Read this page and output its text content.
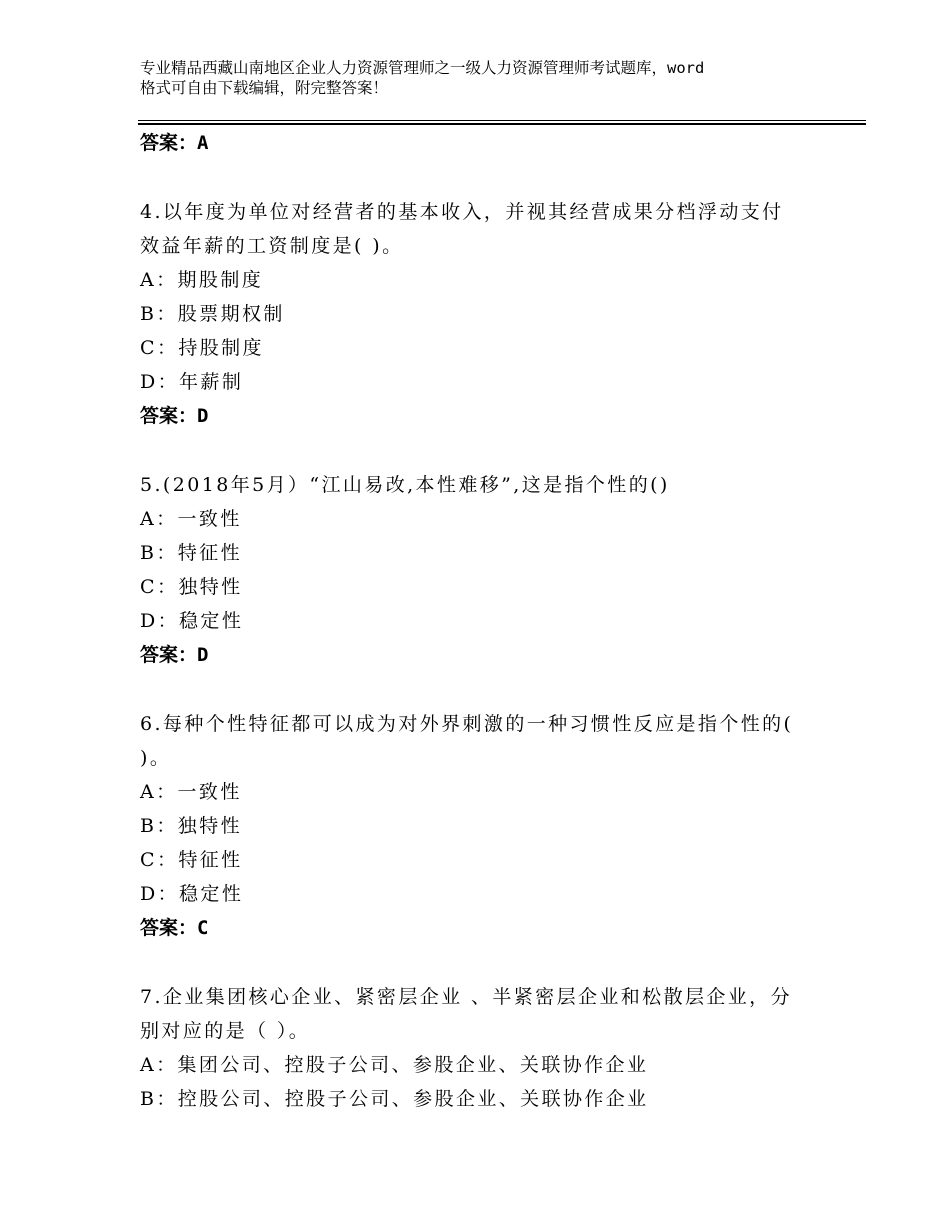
专业精品西藏山南地区企业人力资源管理师之一级人力资源管理师考试题库，word
格式可自由下载编辑，附完整答案！
答案：A
4.以年度为单位对经营者的基本收入，并视其经营成果分档浮动支付
效益年薪的工资制度是( )。
A：期股制度
B：股票期权制
C：持股制度
D：年薪制
答案：D
5.(2018年5月）“江山易改,本性难移”,这是指个性的()
A：一致性
B：特征性
C：独特性
D：稳定性
答案：D
6.每种个性特征都可以成为对外界刺激的一种习惯性反应是指个性的(
)。
A：一致性
B：独特性
C：特征性
D：稳定性
答案：C
7.企业集团核心企业、紧密层企业 、半紧密层企业和松散层企业，分
别对应的是（ ）。
A：集团公司、控股子公司、参股企业、关联协作企业
B：控股公司、控股子公司、参股企业、关联协作企业
